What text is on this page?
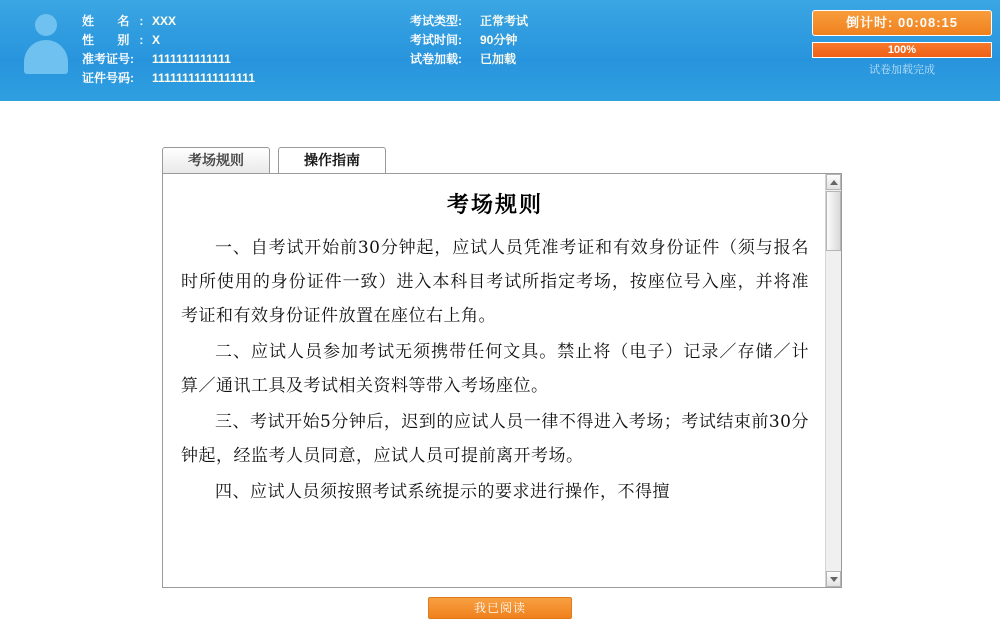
姓 名:XXX
性 别:X
准考证号: 1111111111111
证件号码: 11111111111111111
考试类型: 正常考试
考试时间: 90分钟
试卷加载: 已加载
倒计时: 00:08:15
100%
试卷加载完成
考场规则	操作指南
考场规则

一、自考试开始前30分钟起，应试人员凭准考证和有效身份证件（须与报名时所使用的身份证件一致）进入本科目考试所指定考场，按座位号入座，并将准考证和有效身份证件放置在座位右上角。

二、应试人员参加考试无须携带任何文具。禁止将（电子）记录／存储／计算／通讯工具及考试相关资料等带入考场座位。

三、考试开始5分钟后，迟到的应试人员一律不得进入考场；考试结束前30分钟起，经监考人员同意，应试人员可提前离开考场。

四、应试人员须按照考试系统提示的要求进行操作，不得擅

我已阅读
